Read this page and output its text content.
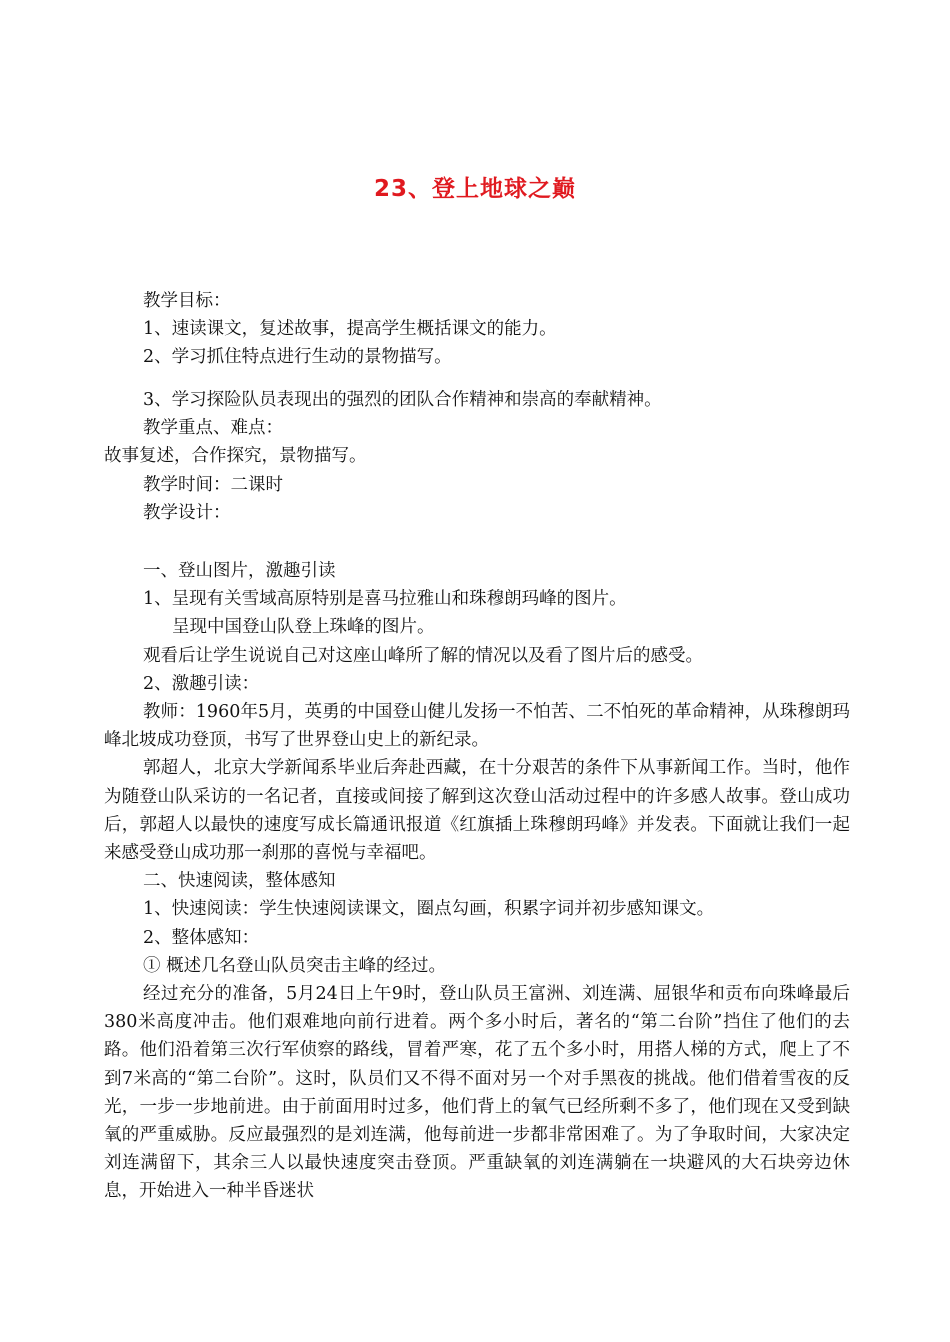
23、登上地球之巅
教学目标：
1、速读课文，复述故事，提高学生概括课文的能力。
2、学习抓住特点进行生动的景物描写。
3、学习探险队员表现出的强烈的团队合作精神和崇高的奉献精神。
教学重点、难点：
故事复述，合作探究，景物描写。
教学时间：二课时
教学设计：
一、登山图片，激趣引读
1、呈现有关雪域高原特别是喜马拉雅山和珠穆朗玛峰的图片。
呈现中国登山队登上珠峰的图片。
观看后让学生说说自己对这座山峰所了解的情况以及看了图片后的感受。
2、激趣引读：
教师：1960年5月，英勇的中国登山健儿发扬一不怕苦、二不怕死的革命精神，从珠穆朗玛峰北坡成功登顶，书写了世界登山史上的新纪录。
郭超人，北京大学新闻系毕业后奔赴西藏，在十分艰苦的条件下从事新闻工作。当时，他作为随登山队采访的一名记者，直接或间接了解到这次登山活动过程中的许多感人故事。登山成功后，郭超人以最快的速度写成长篇通讯报道《红旗插上珠穆朗玛峰》并发表。下面就让我们一起来感受登山成功那一刹那的喜悦与幸福吧。
二、快速阅读，整体感知
1、快速阅读：学生快速阅读课文，圈点勾画，积累字词并初步感知课文。
2、整体感知：
① 概述几名登山队员突击主峰的经过。
经过充分的准备，5月24日上午9时，登山队员王富洲、刘连满、屈银华和贡布向珠峰最后380米高度冲击。他们艰难地向前行进着。两个多小时后，著名的“第二台阶”挡住了他们的去路。他们沿着第三次行军侦察的路线，冒着严寒，花了五个多小时，用搭人梯的方式，爬上了不到7米高的“第二台阶”。这时，队员们又不得不面对另一个对手黑夜的挑战。他们借着雪夜的反光，一步一步地前进。由于前面用时过多，他们背上的氧气已经所剩不多了，他们现在又受到缺氧的严重威胁。反应最强烈的是刘连满，他每前进一步都非常困难了。为了争取时间，大家决定刘连满留下，其余三人以最快速度突击登顶。严重缺氧的刘连满躺在一块避风的大石块旁边休息，开始进入一种半昏迷状
